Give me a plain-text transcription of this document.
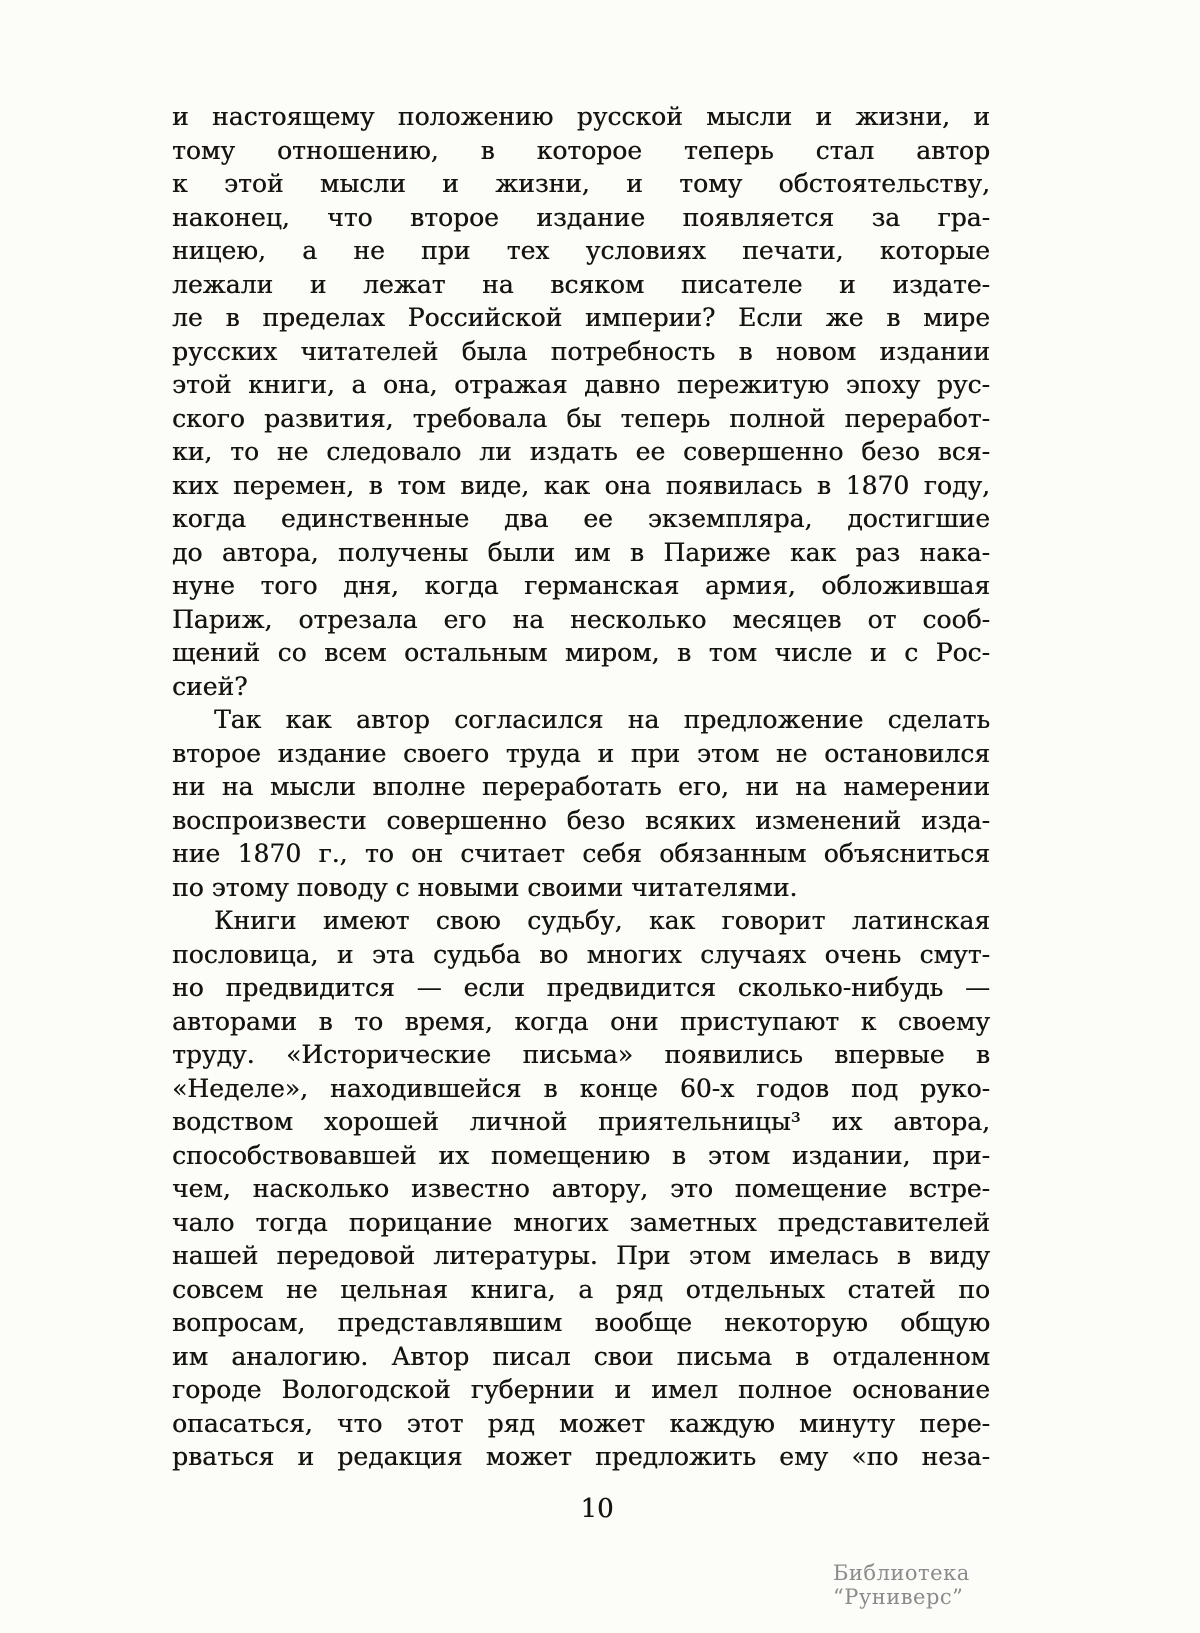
и настоящему положению русской мысли и жизни, и
тому отношению, в которое теперь стал автор
к этой мысли и жизни, и тому обстоятельству,
наконец, что второе издание появляется за гра-
ницею, а не при тех условиях печати, которые
лежали и лежат на всяком писателе и издате-
ле в пределах Российской империи? Если же в мире
русских читателей была потребность в новом издании
этой книги, а она, отражая давно пережитую эпоху рус-
ского развития, требовала бы теперь полной переработ-
ки, то не следовало ли издать ее совершенно безо вся-
ких перемен, в том виде, как она появилась в 1870 году,
когда единственные два ее экземпляра, достигшие
до автора, получены были им в Париже как раз нака-
нуне того дня, когда германская армия, обложившая
Париж, отрезала его на несколько месяцев от сооб-
щений со всем остальным миром, в том числе и с Рос-
сией?
Так как автор согласился на предложение сделать
второе издание своего труда и при этом не остановился
ни на мысли вполне переработать его, ни на намерении
воспроизвести совершенно безо всяких изменений изда-
ние 1870 г., то он считает себя обязанным объясниться
по этому поводу с новыми своими читателями.
Книги имеют свою судьбу, как говорит латинская
пословица, и эта судьба во многих случаях очень смут-
но предвидится — если предвидится сколько-нибудь —
авторами в то время, когда они приступают к своему
труду. «Исторические письма» появились впервые в
«Неделе», находившейся в конце 60-х годов под руко-
водством хорошей личной приятельницы³ их автора,
способствовавшей их помещению в этом издании, при-
чем, насколько известно автору, это помещение встре-
чало тогда порицание многих заметных представителей
нашей передовой литературы. При этом имелась в виду
совсем не цельная книга, а ряд отдельных статей по
вопросам, представлявшим вообще некоторую общую
им аналогию. Автор писал свои письма в отдаленном
городе Вологодской губернии и имел полное основание
опасаться, что этот ряд может каждую минуту пере-
рваться и редакция может предложить ему «по неза-
10
Библиотека “Руниверс”
